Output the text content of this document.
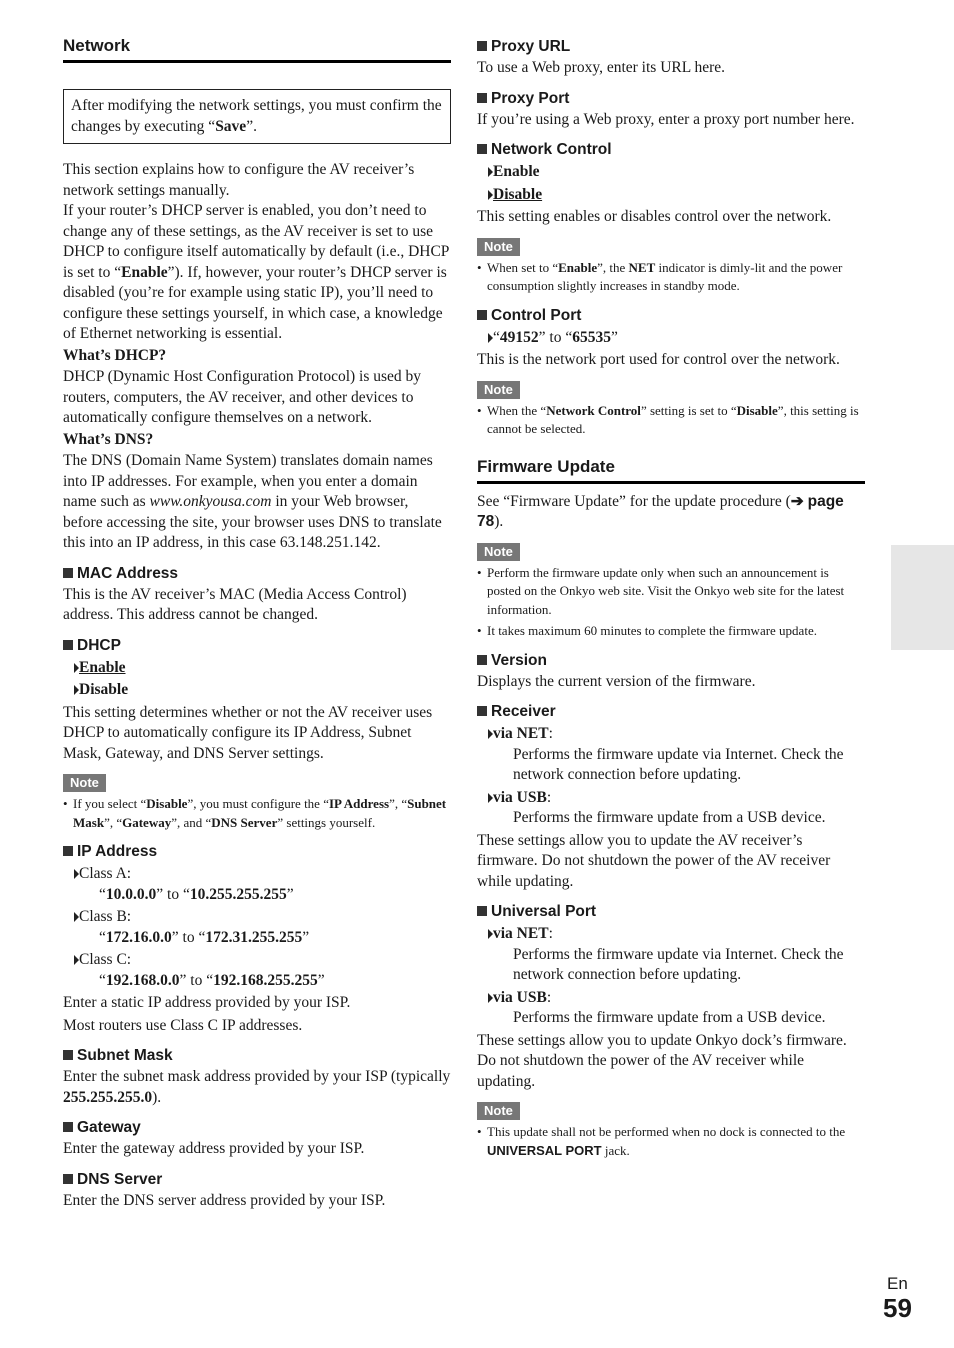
Network
After modifying the network settings, you must confirm the changes by executing “Save”.

This section explains how to configure the AV receiver’s network settings manually.

If your router’s DHCP server is enabled, you don’t need to change any of these settings, as the AV receiver is set to use DHCP to configure itself automatically by default (i.e., DHCP is set to “Enable”). If, however, your router’s DHCP server is disabled (you’re for example using static IP), you’ll need to configure these settings yourself, in which case, a knowledge of Ethernet networking is essential.

What’s DHCP?

DHCP (Dynamic Host Configuration Protocol) is used by routers, computers, the AV receiver, and other devices to automatically configure themselves on a network.

What’s DNS?

The DNS (Domain Name System) translates domain names into IP addresses. For example, when you enter a domain name such as www.onkyousa.com in your Web browser, before accessing the site, your browser uses DNS to translate this into an IP address, in this case 63.148.251.142.

MAC Address
This is the AV receiver’s MAC (Media Access Control) address. This address cannot be changed.
DHCP
Enable
Disable

This setting determines whether or not the AV receiver uses DHCP to automatically configure its IP Address, Subnet Mask, Gateway, and DNS Server settings.

Note
• If you select “Disable”, you must configure the “IP Address”, “Subnet Mask”, “Gateway”, and “DNS Server” settings yourself.
IP Address
Class A:
“10.0.0.0” to “10.255.255.255”
Class B:
“172.16.0.0” to “172.31.255.255”
Class C:
“192.168.0.0” to “192.168.255.255”

Enter a static IP address provided by your ISP.

Most routers use Class C IP addresses.

Subnet Mask
Enter the subnet mask address provided by your ISP (typically 255.255.255.0).
Gateway
Enter the gateway address provided by your ISP.
DNS Server
Enter the DNS server address provided by your ISP.
Proxy URL
To use a Web proxy, enter its URL here.
Proxy Port
If you’re using a Web proxy, enter a proxy port number here.
Network Control
Enable
Disable

This setting enables or disables control over the network.

Note
• When set to “Enable”, the NET indicator is dimly-lit and the power consumption slightly increases in standby mode.
Control Port
“49152” to “65535”

This is the network port used for control over the network.

Note
• When the “Network Control” setting is set to “Disable”, this setting is cannot be selected.
Firmware Update
See “Firmware Update” for the update procedure (➔ page 78).
Note
• Perform the firmware update only when such an announcement is posted on the Onkyo web site. Visit the Onkyo web site for the latest information.
• It takes maximum 60 minutes to complete the firmware update.
Version
Displays the current version of the firmware.
Receiver
via NET:
Performs the firmware update via Internet. Check the network connection before updating.
via USB:
Performs the firmware update from a USB device.

These settings allow you to update the AV receiver’s firmware. Do not shutdown the power of the AV receiver while updating.

Universal Port
via NET:
Performs the firmware update via Internet. Check the network connection before updating.
via USB:
Performs the firmware update from a USB device.

These settings allow you to update Onkyo dock’s firmware. Do not shutdown the power of the AV receiver while updating.

Note
• This update shall not be performed when no dock is connected to the UNIVERSAL PORT jack.
En
59
